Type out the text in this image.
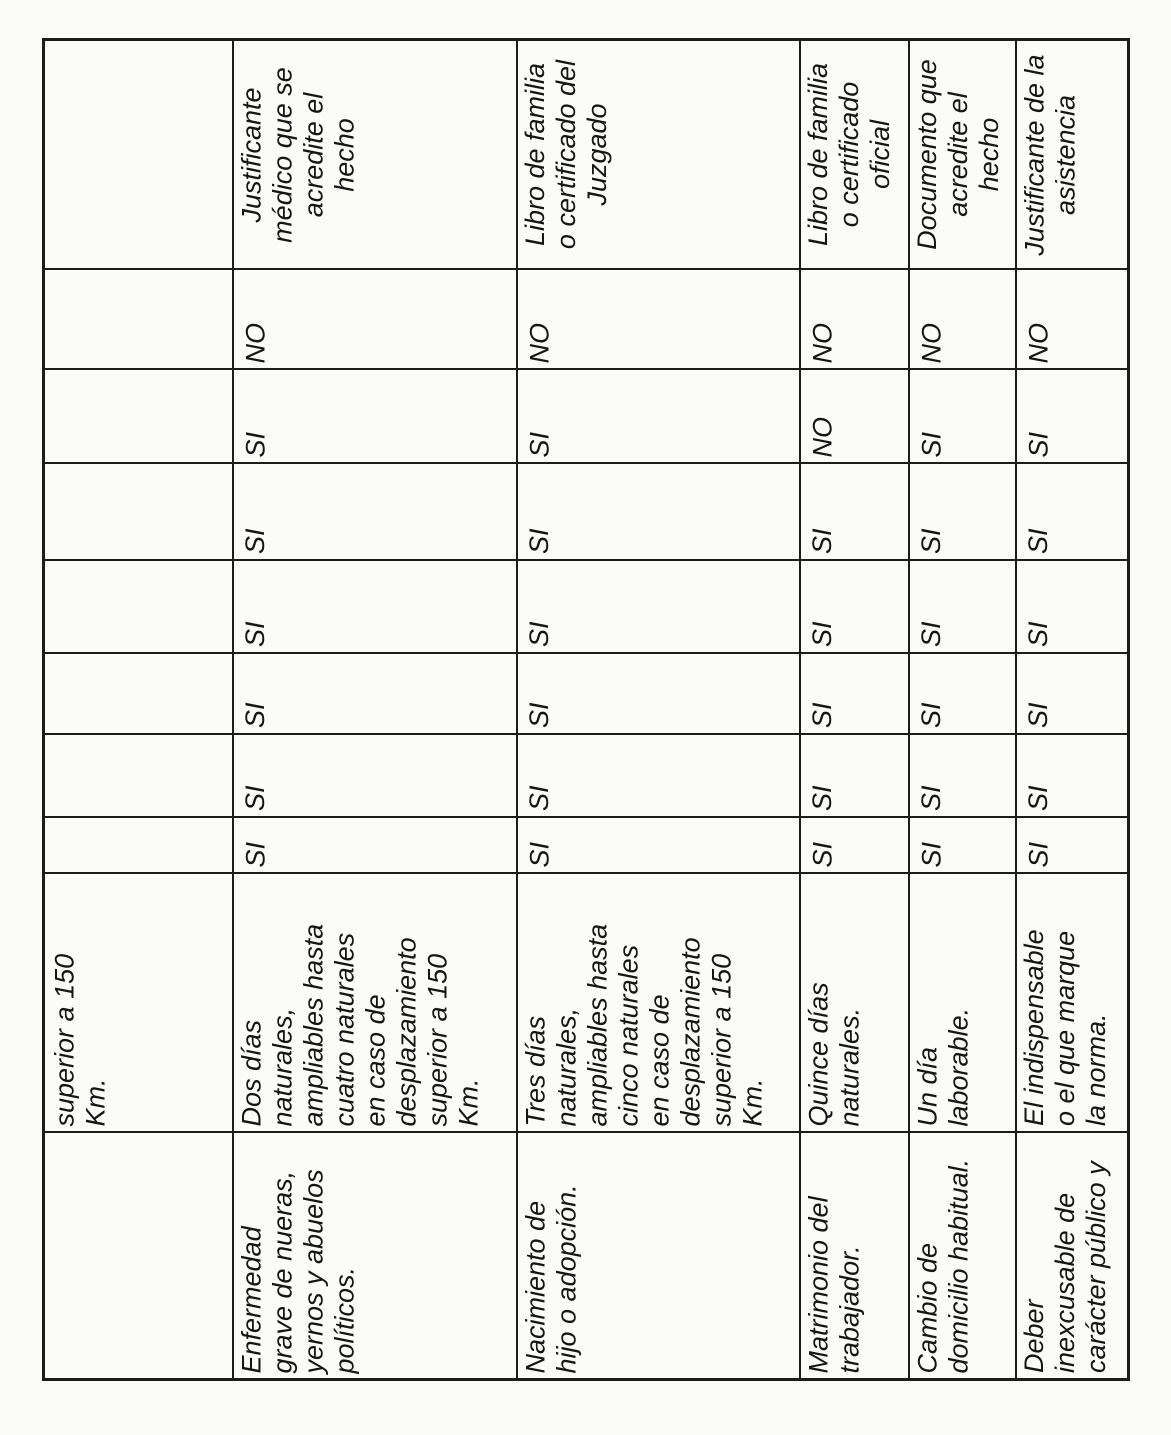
superior a 150
Km.
Enfermedad
grave de nueras,
yernos y abuelos
políticos.
Dos días
naturales,
ampliables hasta
cuatro naturales
en caso de
desplazamiento
superior a 150
Km.
SI
SI
SI
SI
SI
SI
NO
Justificante
médico que se
acredite el
hecho
Nacimiento de
hijo o adopción.
Tres días
naturales,
ampliables hasta
cinco naturales
en caso de
desplazamiento
superior a 150
Km.
SI
SI
SI
SI
SI
SI
NO
Libro de familia
o certificado del
Juzgado
Matrimonio del
trabajador.
Quince días
naturales.
SI
SI
SI
SI
SI
NO
NO
Libro de familia
o certificado
oficial
Cambio de
domicilio habitual.
Un día
laborable.
SI
SI
SI
SI
SI
SI
NO
Documento que
acredite el
hecho
Deber
inexcusable de
carácter público y
El indispensable
o el que marque
la norma.
SI
SI
SI
SI
SI
SI
NO
Justificante de la
asistencia
